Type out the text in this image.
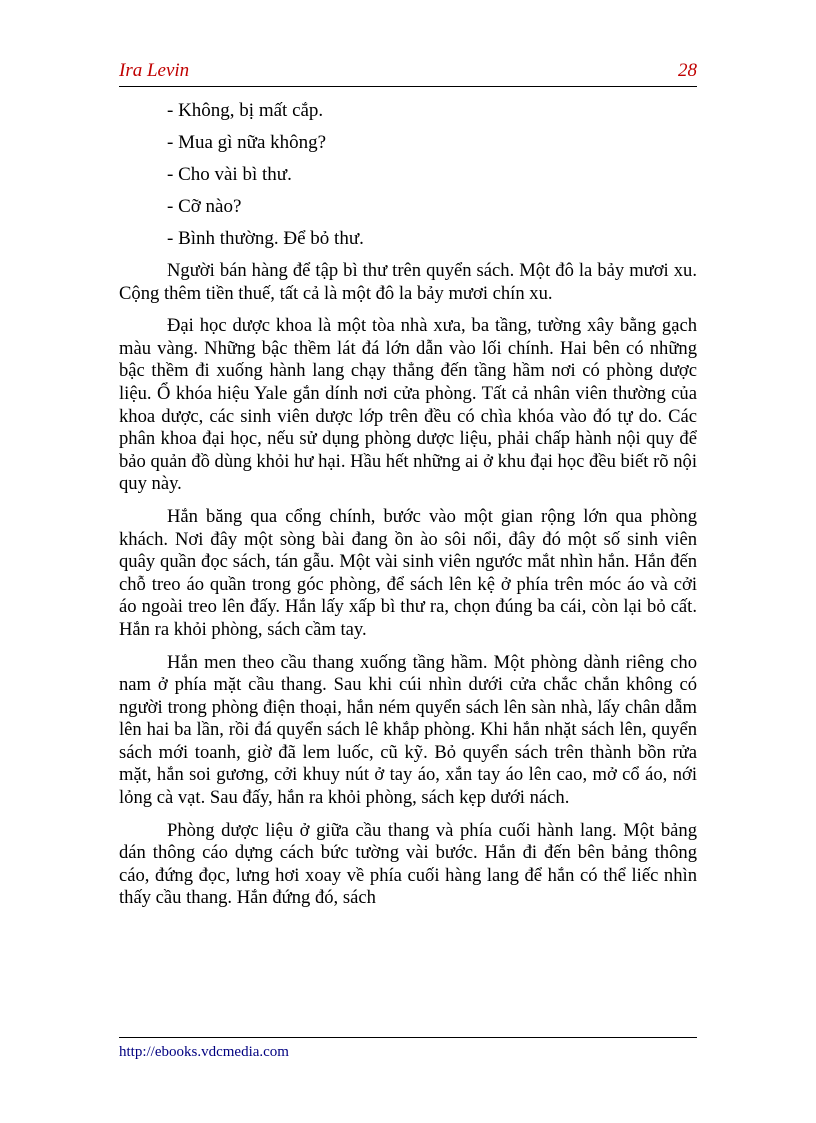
Ira Levin	28

- Không, bị mất cắp.

- Mua gì nữa không?

- Cho vài bì thư.

- Cỡ nào?

- Bình thường. Để bỏ thư.

Người bán hàng để tập bì thư trên quyển sách. Một đô la bảy mươi xu. Cộng thêm tiền thuế, tất cả là một đô la bảy mươi chín xu.

Đại học dược khoa là một tòa nhà xưa, ba tầng, tường xây bằng gạch màu vàng. Những bậc thềm lát đá lớn dẫn vào lối chính. Hai bên có những bậc thềm đi xuống hành lang chạy thẳng đến tầng hầm nơi có phòng dược liệu. Ổ khóa hiệu Yale gắn dính nơi cửa phòng. Tất cả nhân viên thường của khoa dược, các sinh viên dược lớp trên đều có chìa khóa vào đó tự do. Các phân khoa đại học, nếu sử dụng phòng dược liệu, phải chấp hành nội quy để bảo quản đồ dùng khỏi hư hại. Hầu hết những ai ở khu đại học đều biết rõ nội quy này.

Hắn băng qua cổng chính, bước vào một gian rộng lớn qua phòng khách. Nơi đây một sòng bài đang ồn ào sôi nổi, đây đó một số sinh viên quây quần đọc sách, tán gẫu. Một vài sinh viên ngước mắt nhìn hắn. Hắn đến chỗ treo áo quần trong góc phòng, để sách lên kệ ở phía trên móc áo và cởi áo ngoài treo lên đấy. Hắn lấy xấp bì thư ra, chọn đúng ba cái, còn lại bỏ cất. Hắn ra khỏi phòng, sách cầm tay.

Hắn men theo cầu thang xuống tầng hầm. Một phòng dành riêng cho nam ở phía mặt cầu thang. Sau khi cúi nhìn dưới cửa chắc chắn không có người trong phòng điện thoại, hắn ném quyển sách lên sàn nhà, lấy chân dẫm lên hai ba lần, rồi đá quyển sách lê khắp phòng. Khi hắn nhặt sách lên, quyển sách mới toanh, giờ đã lem luốc, cũ kỹ. Bỏ quyển sách trên thành bồn rửa mặt, hắn soi gương, cởi khuy nút ở tay áo, xắn tay áo lên cao, mở cổ áo, nới lỏng cà vạt. Sau đấy, hắn ra khỏi phòng, sách kẹp dưới nách.

Phòng dược liệu ở giữa cầu thang và phía cuối hành lang. Một bảng dán thông cáo dựng cách bức tường vài bước. Hắn đi đến bên bảng thông cáo, đứng đọc, lưng hơi xoay về phía cuối hàng lang để hắn có thể liếc nhìn thấy cầu thang. Hắn đứng đó, sách

http://ebooks.vdcmedia.com
